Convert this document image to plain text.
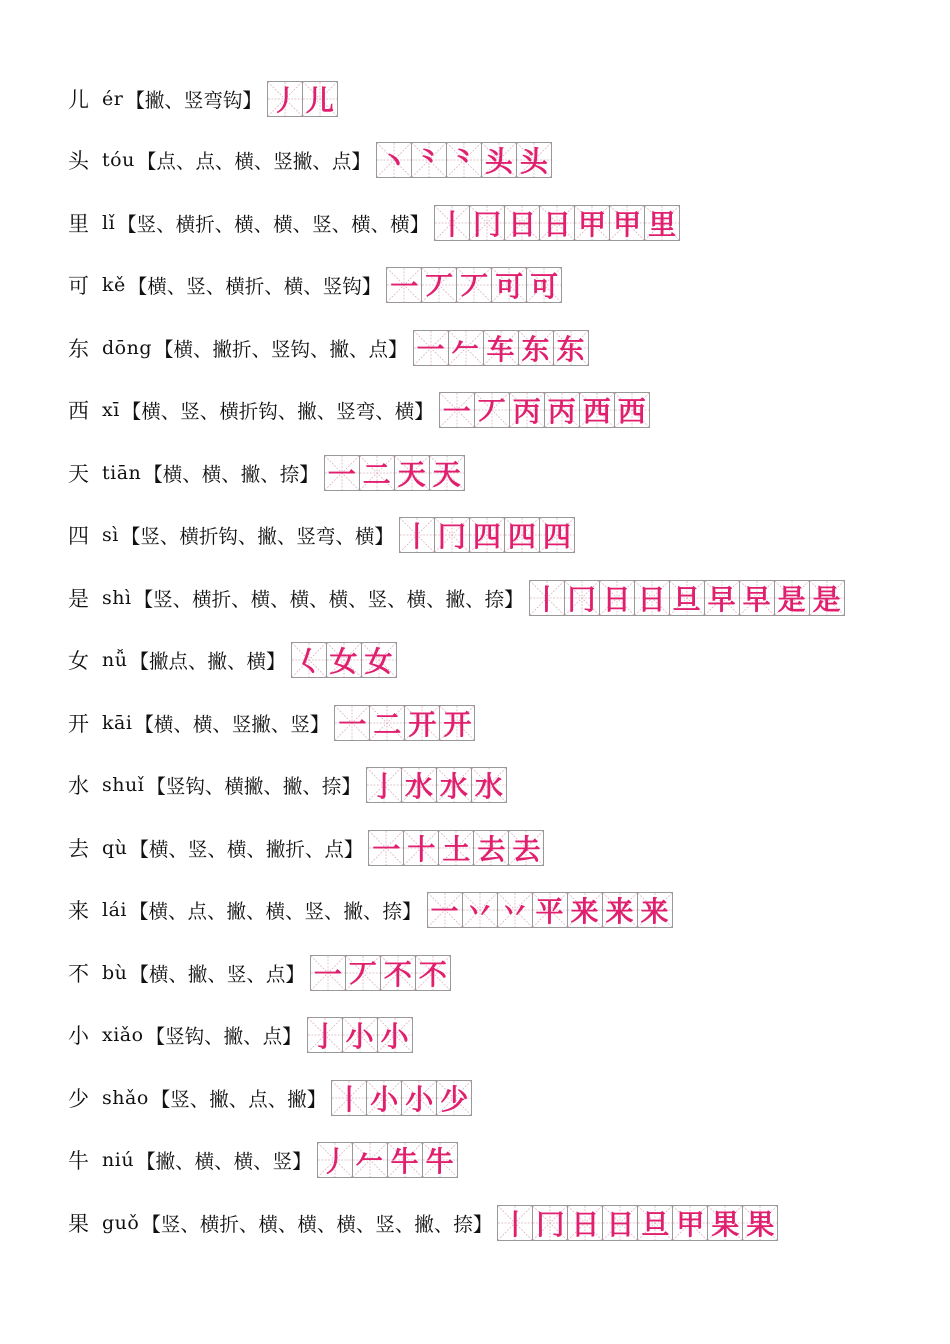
儿 ér 【撇、竖弯钩】 丿 儿
头 tóu 【点、点、横、竖撇、点】 丶 ⺀ ⺀ 头 头
里 lǐ 【竖、横折、横、横、竖、横、横】 丨 冂 日 日 甲 甲 里
可 kě 【横、竖、横折、横、竖钩】 一 丆 丆 可 可
东 dōng 【横、撇折、竖钩、撇、点】 一 𠂉 车 东 东
西 xī 【横、竖、横折钩、撇、竖弯、横】 一 丆 丙 丙 西 西
天 tiān 【横、横、撇、捺】 一 二 天 天
四 sì 【竖、横折钩、撇、竖弯、横】 丨 冂 四 四 四
是 shì 【竖、横折、横、横、横、竖、横、撇、捺】 丨 冂 日 日 旦 早 早 是 是
女 nǚ 【撇点、撇、横】 𡿨 女 女
开 kāi 【横、横、竖撇、竖】 一 二 开 开
水 shuǐ 【竖钩、横撇、撇、捺】 亅 水 水 水
去 qù 【横、竖、横、撇折、点】 一 十 土 去 去
来 lái 【横、点、撇、横、竖、撇、捺】 一 丷 丷 平 来 来 来
不 bù 【横、撇、竖、点】 一 丆 不 不
小 xiǎo 【竖钩、撇、点】 亅 小 小
少 shǎo 【竖、撇、点、撇】 丨 小 小 少
牛 niú 【撇、横、横、竖】 丿 𠂉 牛 牛
果 guǒ 【竖、横折、横、横、横、竖、撇、捺】 丨 冂 日 日 旦 甲 果 果
